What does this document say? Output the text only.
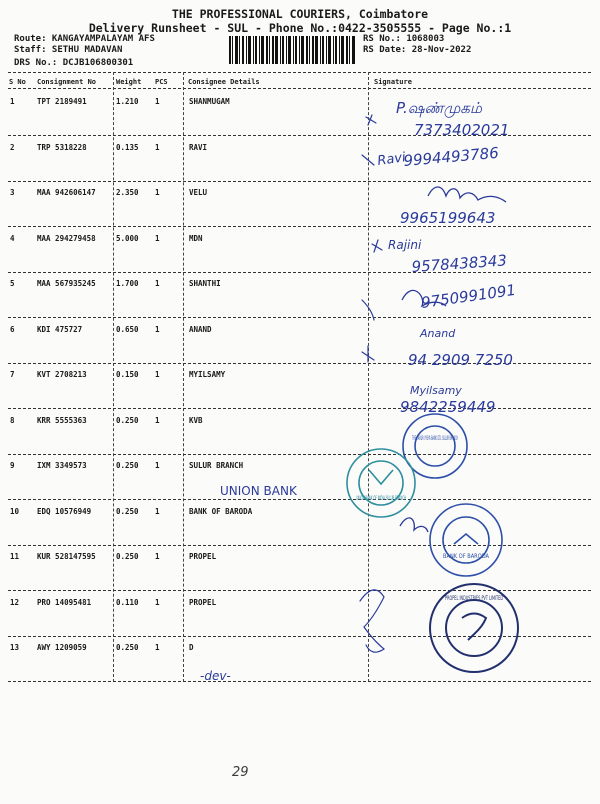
THE PROFESSIONAL COURIERS, Coimbatore
Delivery Runsheet - SUL - Phone No.:0422-3505555 - Page No.:1
Route: KANGAYAMPALAYAM AFS
Staff: SETHU MADAVAN
DRS No.: DCJB106800301
RS No.: 1068003
RS Date: 28-Nov-2022
S No Consignment No	Weight PCS	Consignee Details	Signature
1	TPT 2189491	1.210 1	SHANMUGAM
2	TRP 5318228	0.135 1	RAVI
3	MAA 942606147	2.350 1	VELU
4	MAA 294279458	5.000 1	MDN
5	MAA 567935245	1.700 1	SHANTHI
6	KDI 475727	0.650 1	ANAND
7	KVT 2708213	0.150 1	MYILSAMY
8	KRR 5555363	0.250 1	KVB
9	IXM 3349573	0.250 1	SULUR BRANCH
10 EDQ 10576949	0.250 1	BANK OF BARODA
11 KUR 528147595	0.250 1	PROPEL
12 PRO 14095481	0.110 1	PROPEL
13 AWY 1209059	0.250 1	D
P.ஷண்முகம்
7373402021
Ravi
9994493786
9965199643
Rajini
9578438343
9750991091
Anand
94 2909 7250
Myilsamy
9842259449
UNION BANK
-dev-
29
THE KARUR VYSYA BANK LTD. SULUR BRANCH
UNION BANK OF INDIA SULUR BRANCH
BANK OF BARODA
PROPEL INDUSTRIES PVT LIMITED
